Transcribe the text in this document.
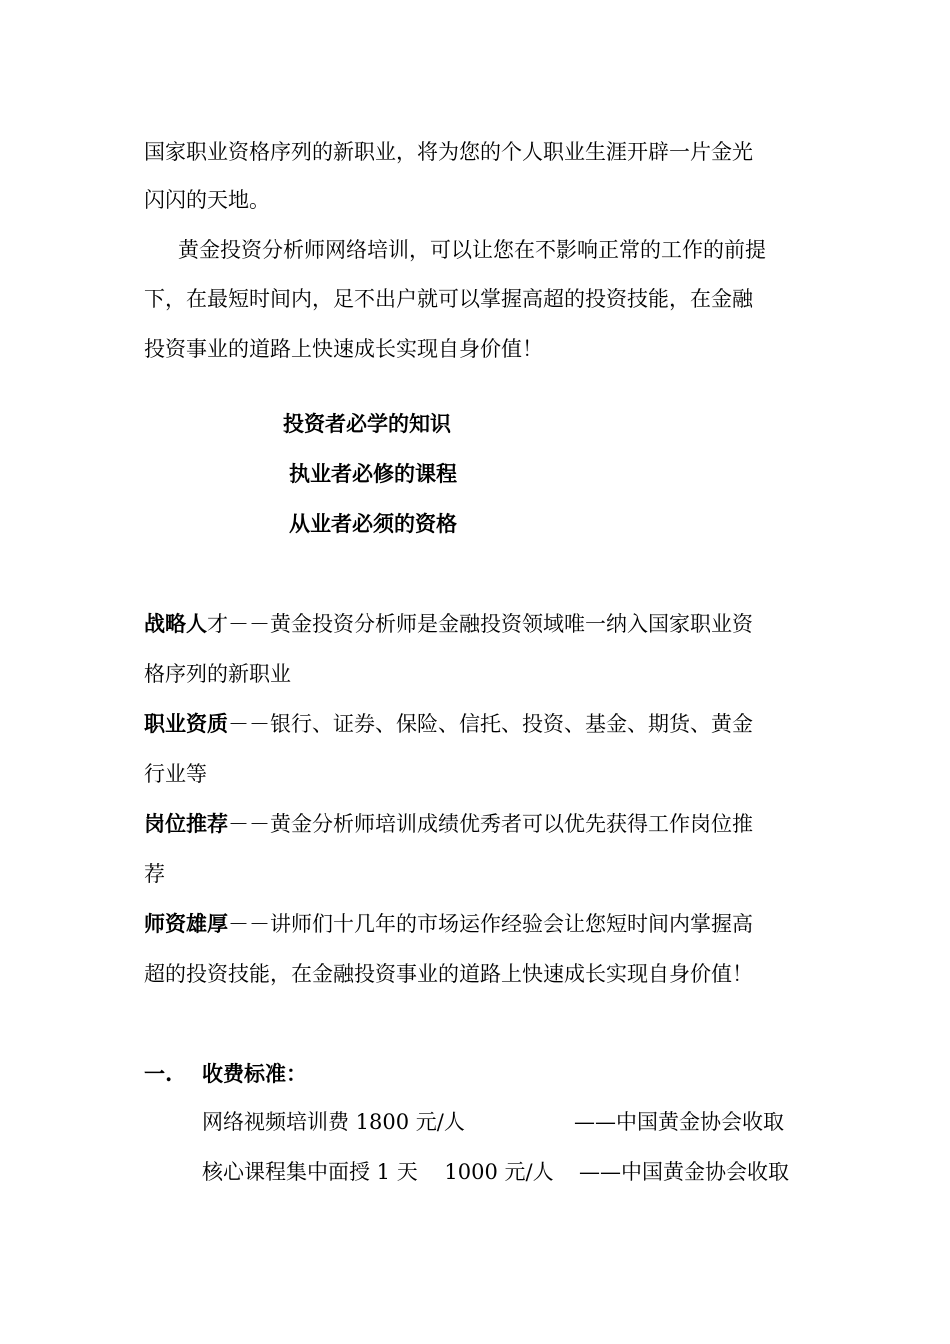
国家职业资格序列的新职业，将为您的个人职业生涯开辟一片金光
闪闪的天地。
黄金投资分析师网络培训，可以让您在不影响正常的工作的前提
下，在最短时间内，足不出户就可以掌握高超的投资技能，在金融
投资事业的道路上快速成长实现自身价值！
投资者必学的知识
执业者必修的课程
从业者必须的资格
战略人才－－黄金投资分析师是金融投资领域唯一纳入国家职业资
格序列的新职业
职业资质－－银行、证券、保险、信托、投资、基金、期货、黄金
行业等
岗位推荐－－黄金分析师培训成绩优秀者可以优先获得工作岗位推
荐
师资雄厚－－讲师们十几年的市场运作经验会让您短时间内掌握高
超的投资技能，在金融投资事业的道路上快速成长实现自身价值！
一. 收费标准：
网络视频培训费 1800 元/人	——中国黄金协会收取
核心课程集中面授 1 天    1000 元/人 ——中国黄金协会收取
